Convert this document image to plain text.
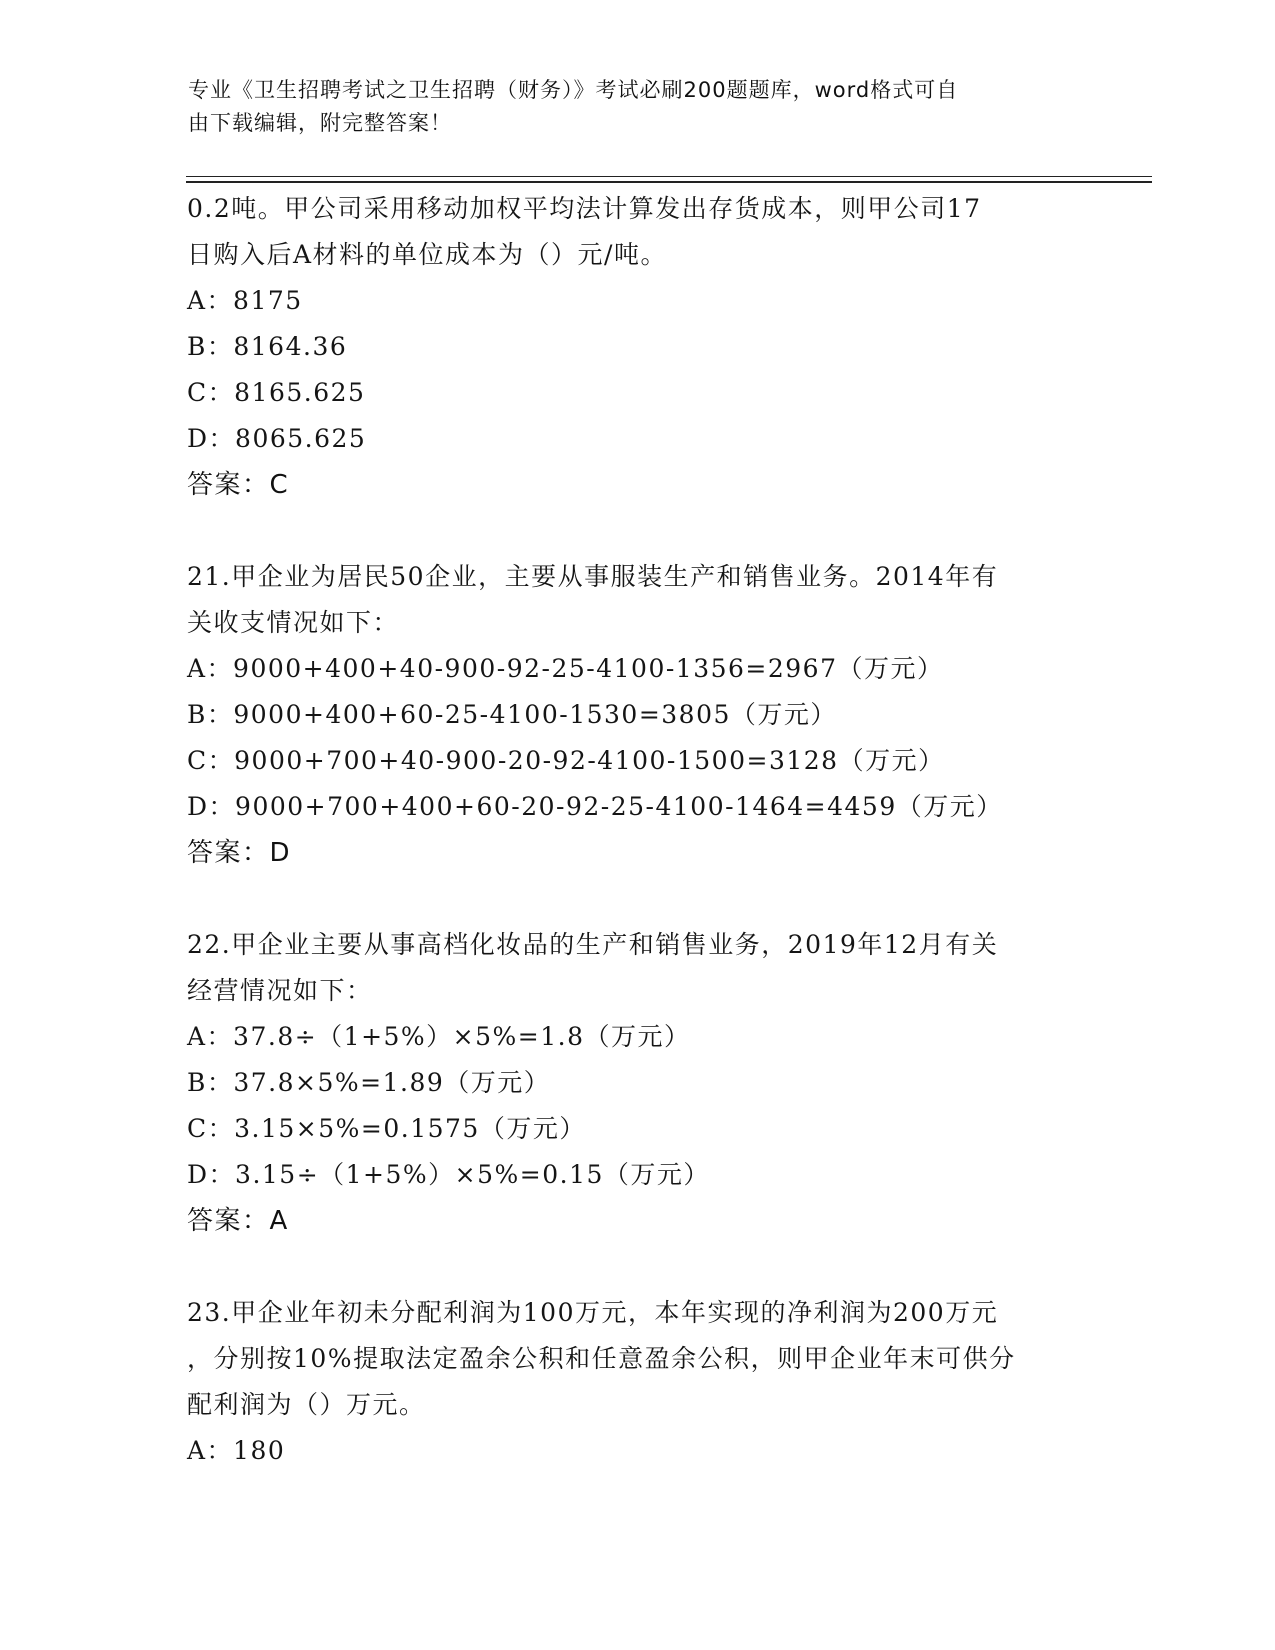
专业《卫生招聘考试之卫生招聘（财务）》考试必刷200题题库，word格式可自
由下载编辑，附完整答案！
0.2吨。甲公司采用移动加权平均法计算发出存货成本，则甲公司17
日购入后A材料的单位成本为（）元/吨。
A：8175
B：8164.36
C：8165.625
D：8065.625
答案：C
21.甲企业为居民50企业，主要从事服装生产和销售业务。2014年有
关收支情况如下：
A：9000+400+40-900-92-25-4100-1356=2967（万元）
B：9000+400+60-25-4100-1530=3805（万元）
C：9000+700+40-900-20-92-4100-1500=3128（万元）
D：9000+700+400+60-20-92-25-4100-1464=4459（万元）
答案：D
22.甲企业主要从事高档化妆品的生产和销售业务，2019年12月有关
经营情况如下：
A：37.8÷（1+5%）×5%=1.8（万元）
B：37.8×5%=1.89（万元）
C：3.15×5%=0.1575（万元）
D：3.15÷（1+5%）×5%=0.15（万元）
答案：A
23.甲企业年初未分配利润为100万元，本年实现的净利润为200万元
，分别按10%提取法定盈余公积和任意盈余公积，则甲企业年末可供分
配利润为（）万元。
A：180
